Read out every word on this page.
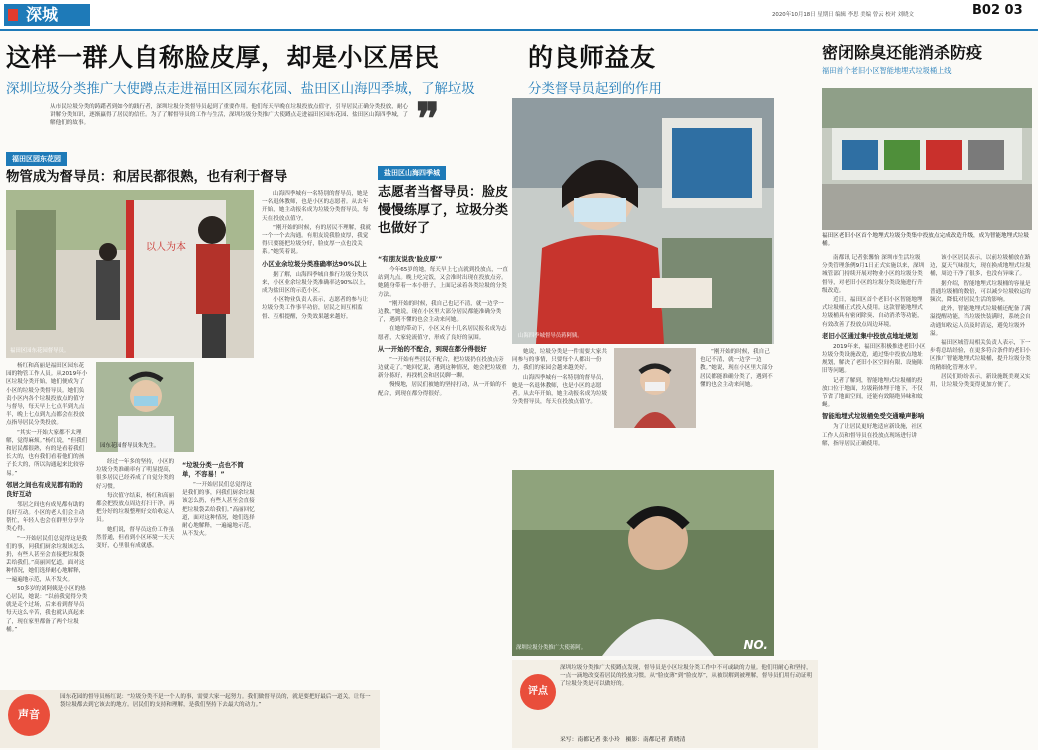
深城	2020年10月18日 星期日 编辑 李思 美编 曾云 校对 刘晓文	B02 03
这样一群人自称脸皮厚，却是小区居民	的良师益友
深圳垃圾分类推广大使蹲点走进福田区园东花园、盐田区山海四季城，了解垃圾	分类督导员起到的作用
从市民垃圾分类的踌躇者到如今的践行者，深圳垃圾分类督导员起到了重要作用。他们每天早晚在垃圾投放点值守，引导居民正确分类投放，耐心讲解分类知识，逐渐赢得了居民的信任。为了了解督导员的工作与生活，深圳垃圾分类推广大使蹲点走进福田区园东花园、盐田区山海四季城，了解他们的故事。	❞
福田区园东花园
物管成为督导员：和居民都很熟，也有利于督导
以人为本
福田区园东花园督导员。

杨红和高丽是福田区园东花园的物管工作人员。从2019年小区垃圾分类开始，她们便成为了小区的垃圾分类督导员。她们负责小区内各个垃圾投放点的值守与督导，每天早上七点半到九点半，晚上七点到九点都会在投放点指导居民分类投放。

“其实一开始大家都不太理解，觉得麻烦。”杨红说，“但我们和居民都很熟，有的是看着我们长大的，也有我们看着他们的孩子长大的，所以沟通起来比较容易。”

邻居之间也有成见都有助的良好互动

邻居之间也有成见都有助的良好互动。小区的老人们会主动帮忙，年轻人也会在群里分享分类心得。

“一开始居民们总觉得这是我们的事，问我们厨余垃圾该怎么扔，有些人甚至会直接把垃圾袋丢给我们。”高丽回忆道，面对这种情况，她们选择耐心地解释，一遍遍地示范，从不发火。

50多岁的刘阿姨是小区的热心居民，她说：“以前我觉得分类就是走个过场，后来看到督导员每天这么辛苦，我也就认真起来了，现在家里都备了两个垃圾桶。”

园东花园督导员朱先生。

经过一年多的坚持，小区的垃圾分类准确率有了明显提高，很多居民已经养成了自觉分类的好习惯。

每次值守结束，杨红和高丽都会把投放点周边打扫干净，再把分好的垃圾整理好交给收运人员。

她们说，督导员这份工作虽然普通，但看到小区环境一天天变好，心里很有成就感。

“垃圾分类一点也不简单，不容易！”

“一开始居民们总觉得这是我们的事，问我们厨余垃圾该怎么扔，有些人甚至会直接把垃圾袋丢给我们。”高丽回忆道，面对这种情况，她们选择耐心地解释，一遍遍地示范，从不发火。

山海四季城有一名特别的督导员，她是一名退休教师，也是小区的志愿者。从去年开始，她主动报名成为垃圾分类督导员，每天在投放点值守。

“刚开始的时候，有的居民不理解，我就一个一个去沟通。有朋友说我脸皮厚，我觉得只要能把垃圾分好，脸皮厚一点也没关系。”她笑着说。

小区业余垃圾分类准确率达90%以上

据了解，山海四季城自推行垃圾分类以来，小区业余垃圾分类准确率达90%以上，成为盐田区的示范小区。

小区物业负责人表示，志愿者的参与让垃圾分类工作事半功倍，居民之间互相监督、互相提醒，分类效果越来越好。

盐田区山海四季城
志愿者当督导员：脸皮慢慢练厚了，垃圾分类也做好了
“有朋友说我‘脸皮厚’”

今年65岁的她，每天早上七点就到投放点，一直站到九点。晚上吃完饭，又会准时出现在投放点旁。她随身带着一本小册子，上面记录着各类垃圾的分类方法。

“刚开始的时候，我自己也记不清，就一边学一边教。”她说，现在小区里大部分居民都能准确分类了，遇到不懂的也会主动来问她。

在她的带动下，小区又有十几名居民报名成为志愿者，大家轮流值守，形成了良好的氛围。

从一开始的不配合，到现在都分得很好

“一开始有些居民不配合，把垃圾扔在投放点旁边就走了。”她回忆说，遇到这种情况，她会把垃圾重新分拣好，再找机会和居民聊一聊。

慢慢地，居民们被她的坚持打动，从一开始的不配合，到现在都分得很好。

山海四季城督导员蒋阿姨。

她说，垃圾分类是一件需要大家共同参与的事情，只要每个人都出一份力，我们的家园会越来越美好。

山海四季城有一名特别的督导员，她是一名退休教师，也是小区的志愿者。从去年开始，她主动报名成为垃圾分类督导员，每天在投放点值守。

“刚开始的时候，我自己也记不清，就一边学一边教。”她说，现在小区里大部分居民都能准确分类了，遇到不懂的也会主动来问她。

深圳垃圾分类推广大使蒋阿。	NO.
密闭除臭还能消杀防疫
福田首个老旧小区智能地埋式垃圾桶上线
福田区老旧小区首个地埋式垃圾分类集中投放点完成改造升级，成为智能地埋式垃圾桶。

南都讯 记者张馨怡 深圳市生活垃圾分类管理条例9月1日正式实施以来，深圳城管部门持续开展对物业小区的垃圾分类督导，对老旧小区的垃圾分类设施进行升级改造。

近日，福田区首个老旧小区智能地埋式垃圾桶正式投入使用。这款智能地埋式垃圾桶具有密闭除臭、自动消杀等功能，有效改善了投放点周边环境。

老旧小区通过集中投放点地址规划

2019年来，福田区积极推进老旧小区垃圾分类设施改造，通过集中投放点地址规划，解决了老旧小区空间有限、设施陈旧等问题。

记者了解到，智能地埋式垃圾桶的投放口位于地面，垃圾箱体埋于地下，不仅节省了地面空间，还能有效隔绝异味和蚊蝇。

智能地埋式垃圾桶免受交通噪声影响

为了让居民更好地适应新设施，社区工作人员和督导员在投放点现场进行讲解，指导居民正确使用。

该小区居民表示，以前垃圾桶放在路边，夏天气味很大，现在换成地埋式垃圾桶，周边干净了很多，也没有异味了。

据介绍，智能地埋式垃圾桶的容量是普通垃圾桶的数倍，可以减少垃圾收运的频次，降低对居民生活的影响。

此外，智能地埋式垃圾桶还配备了满溢提醒功能，当垃圾快装满时，系统会自动通知收运人员及时清运，避免垃圾外溢。

福田区城管局相关负责人表示，下一步将总结经验，在更多符合条件的老旧小区推广智能地埋式垃圾桶，提升垃圾分类的精细化管理水平。

居民们纷纷表示，新设施既美观又实用，让垃圾分类变得更加方便了。

声音
园东花园的督导员杨红说：“垃圾分类不是一个人的事，需要大家一起努力。我们做督导员的，就是要把好最后一道关，让每一袋垃圾都去到它该去的地方。居民们的支持和理解，是我们坚持下去最大的动力。”
评点
深圳垃圾分类推广大使蹲点发现，督导员是小区垃圾分类工作中不可或缺的力量。他们用耐心和坚持，一点一滴地改变着居民的投放习惯。从“脸皮薄”到“脸皮厚”，从被误解到被理解，督导员们用行动证明了垃圾分类是可以做好的。
采写：南都记者 张小玲　摄影：南都记者 黄晓清
